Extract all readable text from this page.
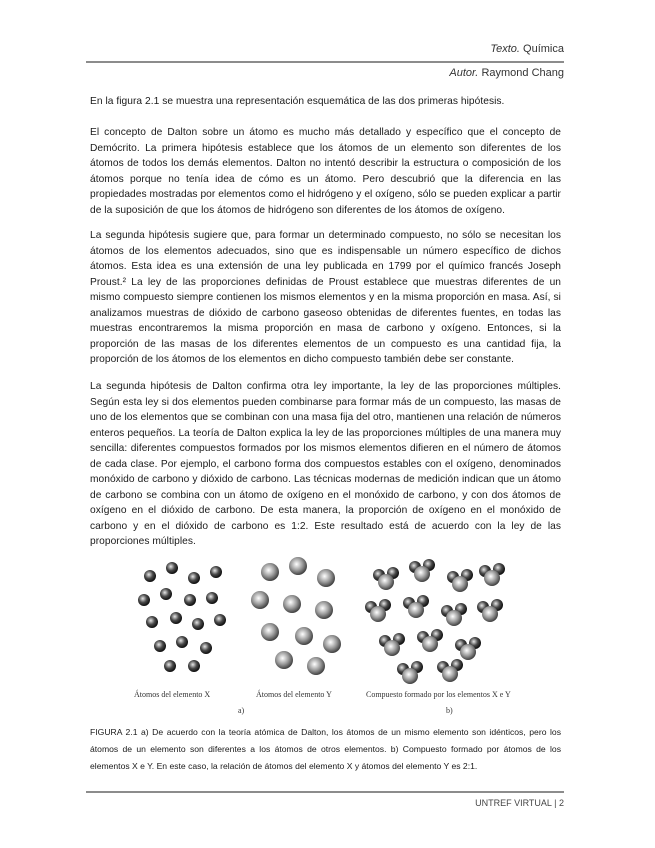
Texto. Química
Autor. Raymond Chang
En la figura 2.1 se muestra una representación esquemática de las dos primeras hipótesis.
El concepto de Dalton sobre un átomo es mucho más detallado y específico que el concepto de Demócrito. La primera hipótesis establece que los átomos de un elemento son diferentes de los átomos de todos los demás elementos. Dalton no intentó describir la estructura o composición de los átomos porque no tenía idea de cómo es un átomo. Pero descubrió que la diferencia en las propiedades mostradas por elementos como el hidrógeno y el oxígeno, sólo se pueden explicar a partir de la suposición de que los átomos de hidrógeno son diferentes de los átomos de oxígeno.
La segunda hipótesis sugiere que, para formar un determinado compuesto, no sólo se necesitan los átomos de los elementos adecuados, sino que es indispensable un número específico de dichos átomos. Esta idea es una extensión de una ley publicada en 1799 por el químico francés Joseph Proust.² La ley de las proporciones definidas de Proust establece que muestras diferentes de un mismo compuesto siempre contienen los mismos elementos y en la misma proporción en masa. Así, si analizamos muestras de dióxido de carbono gaseoso obtenidas de diferentes fuentes, en todas las muestras encontraremos la misma proporción en masa de carbono y oxígeno. Entonces, si la proporción de las masas de los diferentes elementos de un compuesto es una cantidad fija, la proporción de los átomos de los elementos en dicho compuesto también debe ser constante.
La segunda hipótesis de Dalton confirma otra ley importante, la ley de las proporciones múltiples. Según esta ley si dos elementos pueden combinarse para formar más de un compuesto, las masas de uno de los elementos que se combinan con una masa fija del otro, mantienen una relación de números enteros pequeños. La teoría de Dalton explica la ley de las proporciones múltiples de una manera muy sencilla: diferentes compuestos formados por los mismos elementos difieren en el número de átomos de cada clase. Por ejemplo, el carbono forma dos compuestos estables con el oxígeno, denominados monóxido de carbono y dióxido de carbono. Las técnicas modernas de medición indican que un átomo de carbono se combina con un átomo de oxígeno en el monóxido de carbono, y con dos átomos de oxígeno en el dióxido de carbono. De esta manera, la proporción de oxígeno en el monóxido de carbono y en el dióxido de carbono es 1:2. Este resultado está de acuerdo con la ley de las proporciones múltiples.
Átomos del elemento X	Átomos del elemento Y	Compuesto formado por los elementos X e Y
a)	b)
FIGURA 2.1 a) De acuerdo con la teoría atómica de Dalton, los átomos de un mismo elemento son idénticos, pero los átomos de un elemento son diferentes a los átomos de otros elementos. b) Compuesto formado por átomos de los elementos X e Y. En este caso, la relación de átomos del elemento X y átomos del elemento Y es 2:1.
UNTREF VIRTUAL | 2
